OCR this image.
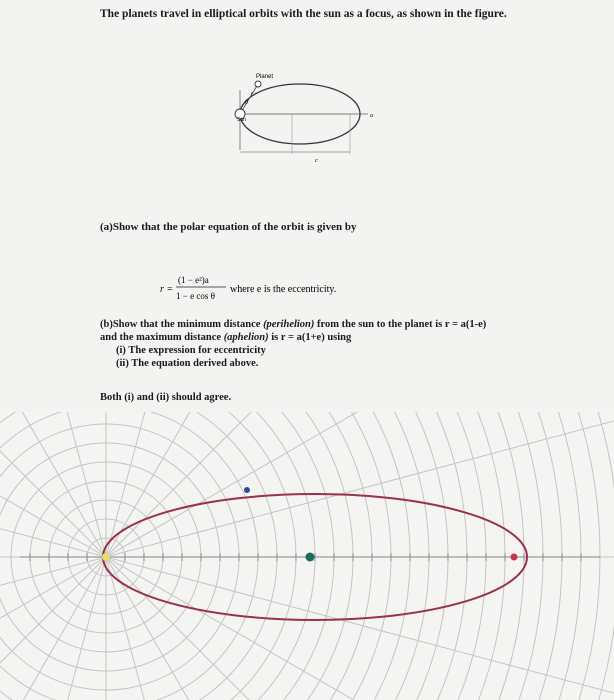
The planets travel in elliptical orbits with the sun as a focus, as shown in the figure.
Planet
Sun
θ
r
a
c
(a)Show that the polar equation of the orbit is given by
r =
(1 − e²)a
1 − e cos θ
where e is the eccentricity.
(b)Show that the minimum distance (perihelion) from the sun to the planet is r = a(1-e)
and the maximum distance (aphelion) is r = a(1+e) using
(i) The expression for eccentricity
(ii) The equation derived above.
Both (i) and (ii) should agree.
